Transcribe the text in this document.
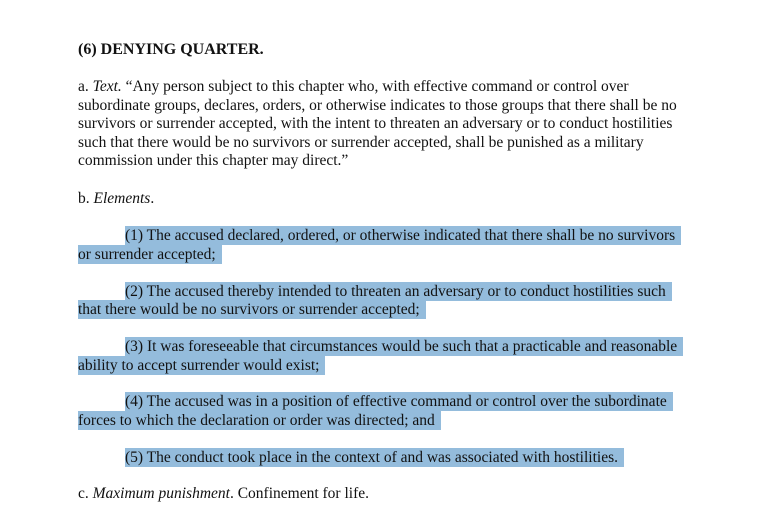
(6) DENYING QUARTER.
a. Text. “Any person subject to this chapter who, with effective command or control over
subordinate groups, declares, orders, or otherwise indicates to those groups that there shall be no
survivors or surrender accepted, with the intent to threaten an adversary or to conduct hostilities
such that there would be no survivors or surrender accepted, shall be punished as a military
commission under this chapter may direct.”
b. Elements.
(1) The accused declared, ordered, or otherwise indicated that there shall be no survivors
or surrender accepted;
(2) The accused thereby intended to threaten an adversary or to conduct hostilities such
that there would be no survivors or surrender accepted;
(3) It was foreseeable that circumstances would be such that a practicable and reasonable
ability to accept surrender would exist;
(4) The accused was in a position of effective command or control over the subordinate
forces to which the declaration or order was directed; and
(5) The conduct took place in the context of and was associated with hostilities.
c. Maximum punishment. Confinement for life.
